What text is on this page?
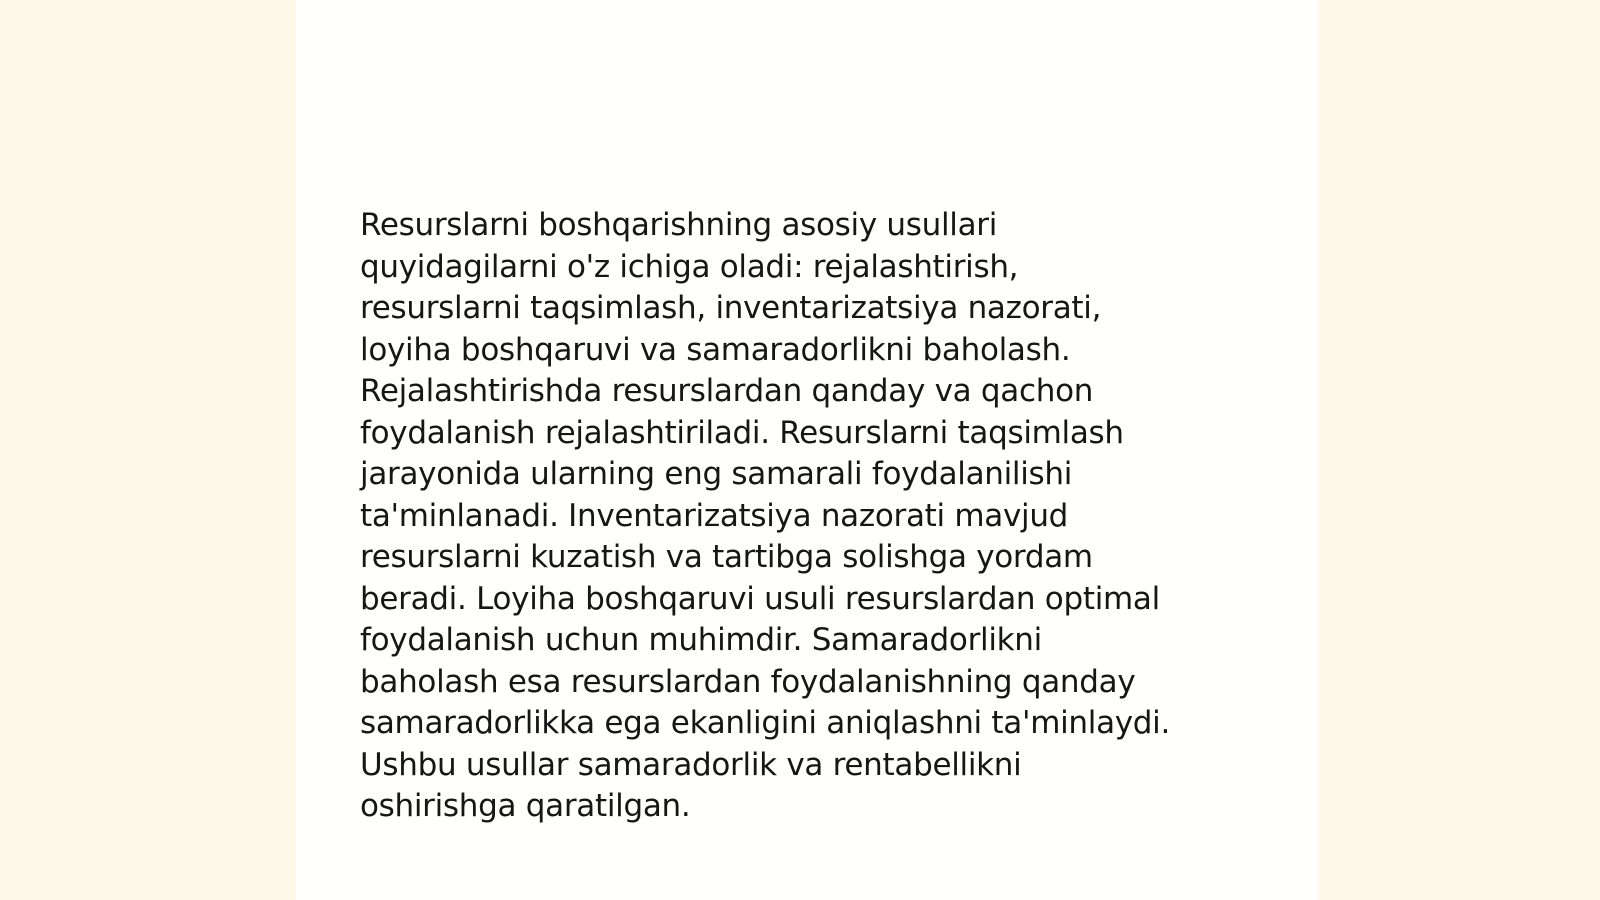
Resurslarni boshqarishning asosiy usullari
quyidagilarni o'z ichiga oladi: rejalashtirish,
resurslarni taqsimlash, inventarizatsiya nazorati,
loyiha boshqaruvi va samaradorlikni baholash.
Rejalashtirishda resurslardan qanday va qachon
foydalanish rejalashtiriladi. Resurslarni taqsimlash
jarayonida ularning eng samarali foydalanilishi
ta'minlanadi. Inventarizatsiya nazorati mavjud
resurslarni kuzatish va tartibga solishga yordam
beradi. Loyiha boshqaruvi usuli resurslardan optimal
foydalanish uchun muhimdir. Samaradorlikni
baholash esa resurslardan foydalanishning qanday
samaradorlikka ega ekanligini aniqlashni ta'minlaydi.
Ushbu usullar samaradorlik va rentabellikni
oshirishga qaratilgan.
